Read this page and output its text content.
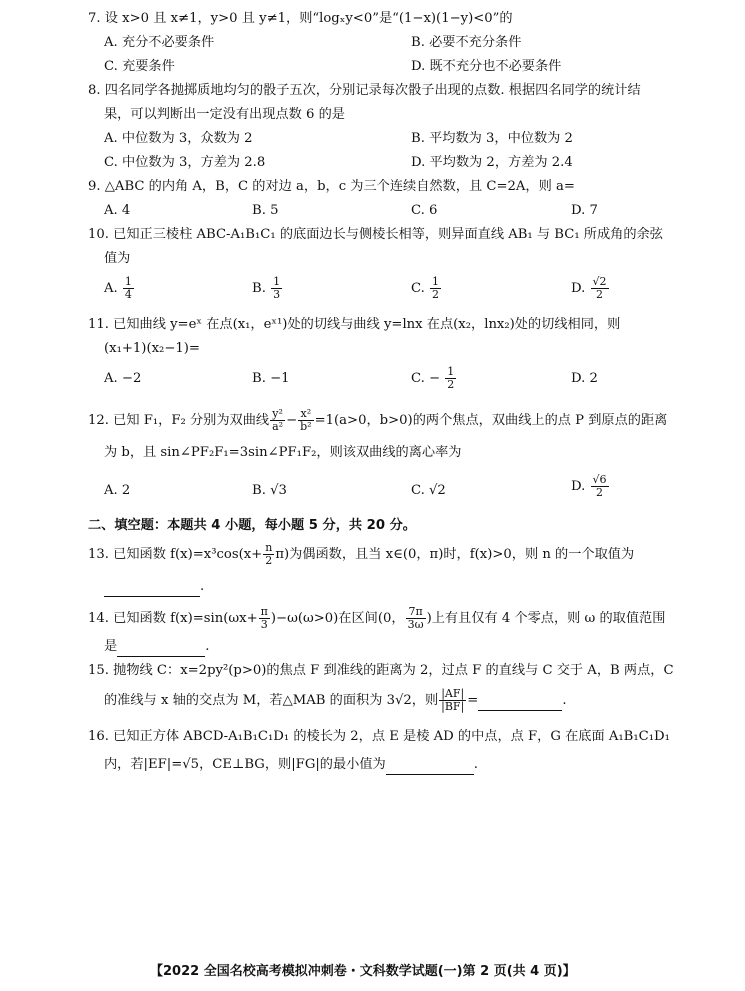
7. 设 x>0 且 x≠1，y>0 且 y≠1，则“logₓy<0”是“(1−x)(1−y)<0”的
A. 充分不必要条件	B. 必要不充分条件
C. 充要条件	D. 既不充分也不必要条件
8. 四名同学各抛掷质地均匀的骰子五次，分别记录每次骰子出现的点数. 根据四名同学的统计结
果，可以判断出一定没有出现点数 6 的是
A. 中位数为 3，众数为 2	B. 平均数为 3，中位数为 2
C. 中位数为 3，方差为 2.8	D. 平均数为 2，方差为 2.4
9. △ABC 的内角 A，B，C 的对边 a，b，c 为三个连续自然数，且 C=2A，则 a=
A. 4	B. 5	C. 6	D. 7
10. 已知正三棱柱 ABC-A₁B₁C₁ 的底面边长与侧棱长相等，则异面直线 AB₁ 与 BC₁ 所成角的余弦
值为
A. $\frac{1}{4}$	B. $\frac{1}{3}$	C. $\frac{1}{2}$	D. $\frac{√2}{2}$
11. 已知曲线 y=eˣ 在点(x₁，eˣ¹)处的切线与曲线 y=lnx 在点(x₂，lnx₂)处的切线相同，则
(x₁+1)(x₂−1)=
A. −2	B. −1	C. − $\frac{1}{2}$	D. 2
12. 已知 F₁，F₂ 分别为双曲线 $\frac{\text{y²}}{\text{a²}} - \frac{\text{x²}}{\text{b²}} =1(a>0$，b>0)的两个焦点，双曲线上的点 P 到原点的距离
为 b，且 sin∠PF₂F₁=3sin∠PF₁F₂，则该双曲线的离心率为
A. 2	B. √3	C. √2	D. $\frac{√6}{2}$
二、填空题：本题共 4 小题，每小题 5 分，共 20 分。
13. 已知函数 $f(x)=x^3\cos(x+ \frac{n}{2} \pi)$为偶函数，且当 x∈(0，π)时，f(x)>0，则 n 的一个取值为
.
14. 已知函数 $f(x)=\sin(\omega x+ \frac{\pi}{3} )-\omega(\omega>0)$在区间(0， $\frac{7\pi}{3\omega}$ )上有且仅有 4 个零点，则 ω 的取值范围
是	.
15. 抛物线 C：x=2py²(p>0)的焦点 F 到准线的距离为 2，过点 F 的直线与 C 交于 A，B 两点，C
的准线与 x 轴的交点为 M，若△MAB 的面积为 3√2，则 $\frac{|AF|}{|BF|}$ =	.
16. 已知正方体 ABCD-A₁B₁C₁D₁ 的棱长为 2，点 E 是棱 AD 的中点，点 F，G 在底面 A₁B₁C₁D₁
内，若|EF|=√5，CE⊥BG，则|FG|的最小值为	.
【2022 全国名校高考模拟冲刺卷・文科数学试题(一)第 2 页(共 4 页)】
